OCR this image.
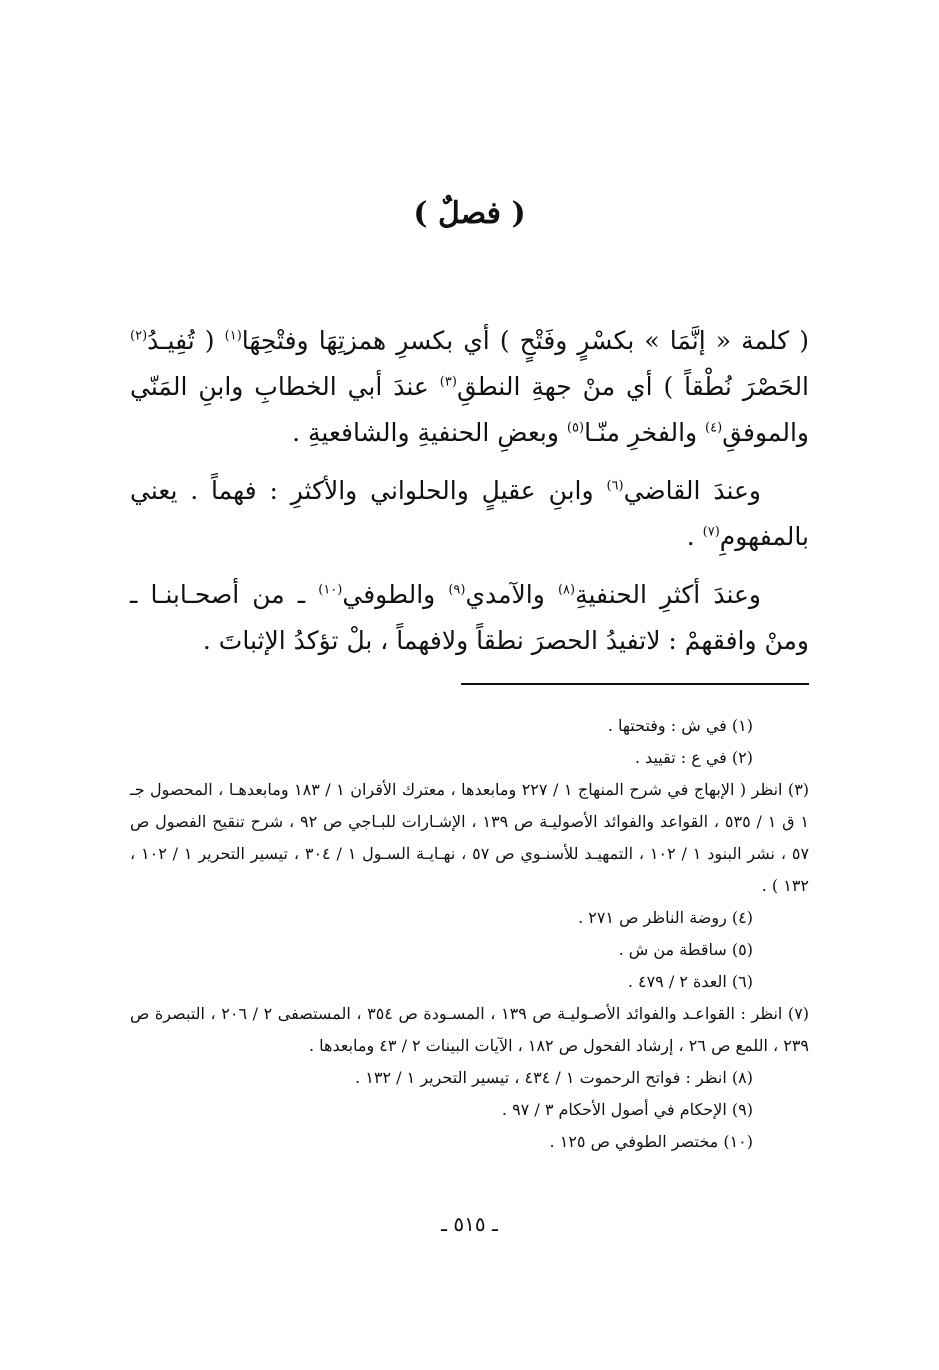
( فصلٌ )

( كلمة « إنَّمَا » بكسْرٍ وفَتْحٍ ) أي بكسرِ همزتِهَا وفتْحِهَا$^{(١)}$ ( تُفِيـدُ$^{(٢)}$ الحَصْرَ نُطْقاً ) أي منْ جهةِ النطقِ$^{(٣)}$ عندَ أبي الخطابِ وابنِ المَنّي والموفقِ$^{(٤)}$ والفخرِ منّـا$^{(٥)}$ وبعضِ الحنفيةِ والشافعيةِ .

وعندَ القاضي$^{(٦)}$ وابنِ عقيلٍ والحلواني والأكثرِ : فهماً . يعني بالمفهومِ$^{(٧)}$ .

وعندَ أكثرِ الحنفيةِ$^{(٨)}$ والآمدي$^{(٩)}$ والطوفي$^{(١٠)}$ ـ من أصحـابنـا ـ ومنْ وافقهمْ : لاتفيدُ الحصرَ نطقاً ولافهماً ، بلْ تؤكدُ الإثباتَ .

(١) في ش : وفتحتها .

(٢) في ع : تقييد .

(٣) انظر ( الإبهاج في شرح المنهاج ١ / ٢٢٧ ومابعدها ، معترك الأقران ١ / ١٨٣ ومابعدهـا ، المحصول جـ ١ ق ١ / ٥٣٥ ، القواعد والفوائد الأصوليـة ص ١٣٩ ، الإشـارات للبـاجي ص ٩٢ ، شرح تنقيح الفصول ص ٥٧ ، نشر البنود ١ / ١٠٢ ، التمهيـد للأسنـوي ص ٥٧ ، نهـايـة السـول ١ / ٣٠٤ ، تيسير التحرير ١ / ١٠٢ ، ١٣٢ ) .

(٤) روضة الناظر ص ٢٧١ .

(٥) ساقطة من ش .

(٦) العدة ٢ / ٤٧٩ .

(٧) انظر : القواعـد والفوائد الأصـوليـة ص ١٣٩ ، المسـودة ص ٣٥٤ ، المستصفى ٢ / ٢٠٦ ، التبصرة ص ٢٣٩ ، اللمع ص ٢٦ ، إرشاد الفحول ص ١٨٢ ، الآيات البينات ٢ / ٤٣ ومابعدها .

(٨) انظر : فواتح الرحموت ١ / ٤٣٤ ، تيسير التحرير ١ / ١٣٢ .

(٩) الإحكام في أصول الأحكام ٣ / ٩٧ .

(١٠) مختصر الطوفي ص ١٢٥ .

ـ ٥١٥ ـ
